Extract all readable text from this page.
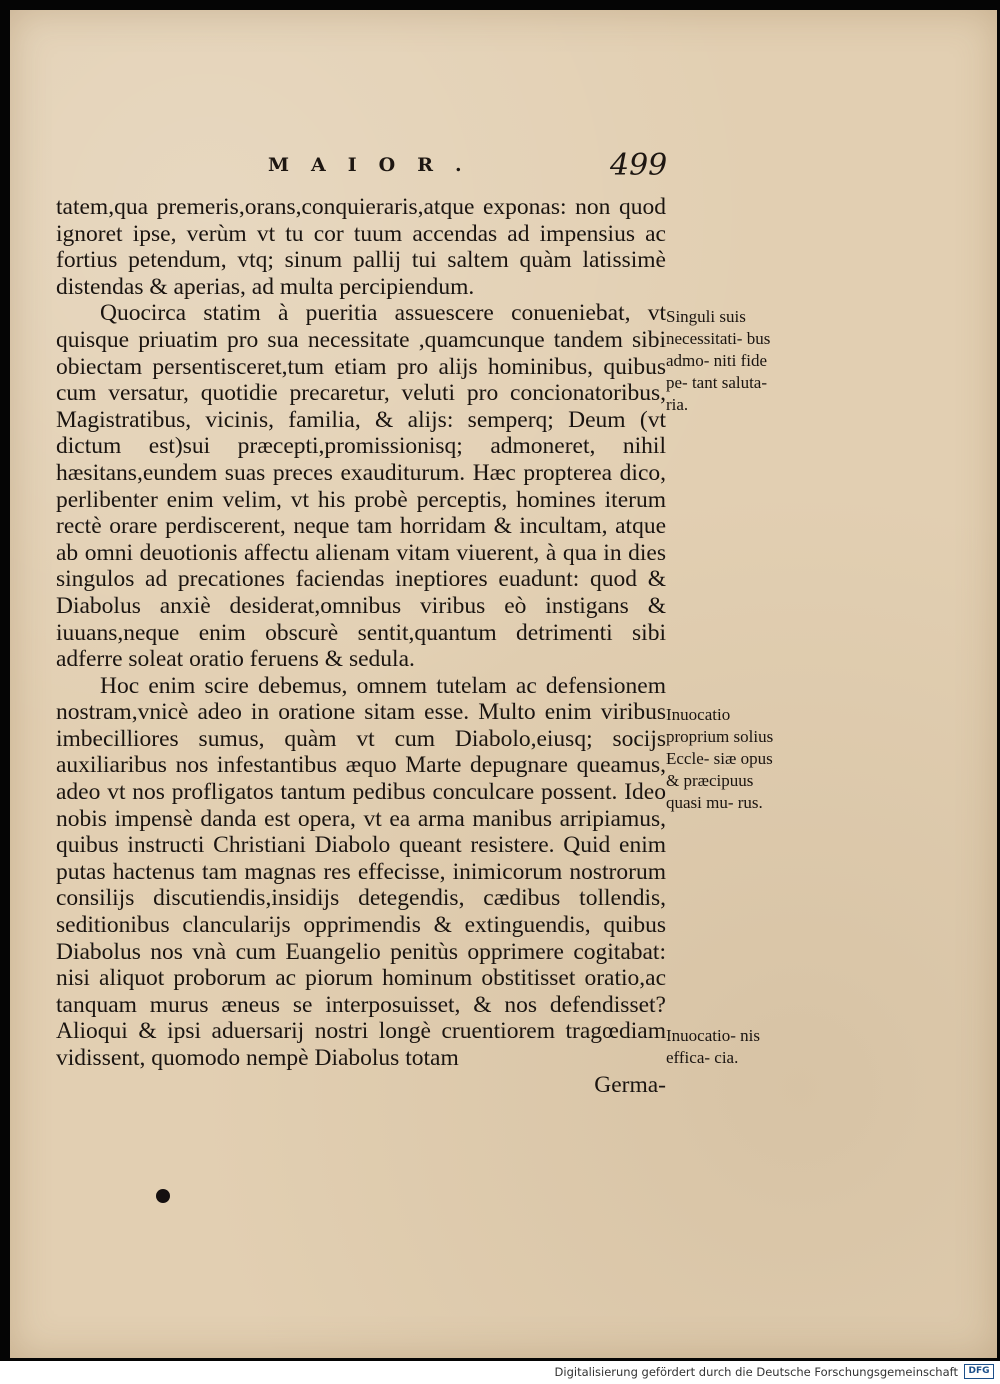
MAIOR.	499

tatem,qua premeris,orans,conquieraris,atque exponas: non quod ignoret ipse, verùm vt tu cor tuum accendas ad impensius ac fortius petendum, vtq; sinum pallij tui saltem quàm latissimè distendas & aperias, ad multa percipiendum.

Quocirca statim à pueritia assuescere conueniebat, vt quisque priuatim pro sua necessitate ,quamcunque tandem sibi obiectam persentisceret,tum etiam pro alijs hominibus, quibus cum versatur, quotidie precaretur, veluti pro concionatoribus, Magistratibus, vicinis, familia, & alijs: semperq; Deum (vt dictum est)sui præcepti,promissionisq; admoneret, nihil hæsitans,eundem suas preces exauditurum. Hæc propterea dico, perlibenter enim velim, vt his probè perceptis, homines iterum rectè orare perdiscerent, neque tam horridam & incultam, atque ab omni deuotionis affectu alienam vitam viuerent, à qua in dies singulos ad precationes faciendas ineptiores euadunt: quod & Diabolus anxiè desiderat,omnibus viribus eò instigans & iuuans,neque enim obscurè sentit,quantum detrimenti sibi adferre soleat oratio feruens & sedula.

Hoc enim scire debemus, omnem tutelam ac defensionem nostram,vnicè adeo in oratione sitam esse. Multo enim viribus imbecilliores sumus, quàm vt cum Diabolo,eiusq; socijs auxiliaribus nos infestantibus æquo Marte depugnare queamus, adeo vt nos profligatos tantum pedibus conculcare possent. Ideo nobis impensè danda est opera, vt ea arma manibus arripiamus, quibus instructi Christiani Diabolo queant resistere. Quid enim putas hactenus tam magnas res effecisse, inimicorum nostrorum consilijs discutiendis,insidijs detegendis, cædibus tollendis, seditionibus clancularijs opprimendis & extinguendis, quibus Diabolus nos vnà cum Euangelio penitùs opprimere cogitabat: nisi aliquot proborum ac piorum hominum obstitisset oratio,ac tanquam murus æneus se interposuisset, & nos defendisset? Alioqui & ipsi aduersarij nostri longè cruentiorem tragœdiam vidissent, quomodo nempè Diabolus totam

Germa-
Singuli suis necessitati- bus admo- niti fide pe- tant saluta- ria.
Inuocatio proprium solius Eccle- siæ opus & præcipuus quasi mu- rus.
Inuocatio- nis effica- cia.
Digitalisierung gefördert durch die Deutsche Forschungsgemeinschaft	DFG
